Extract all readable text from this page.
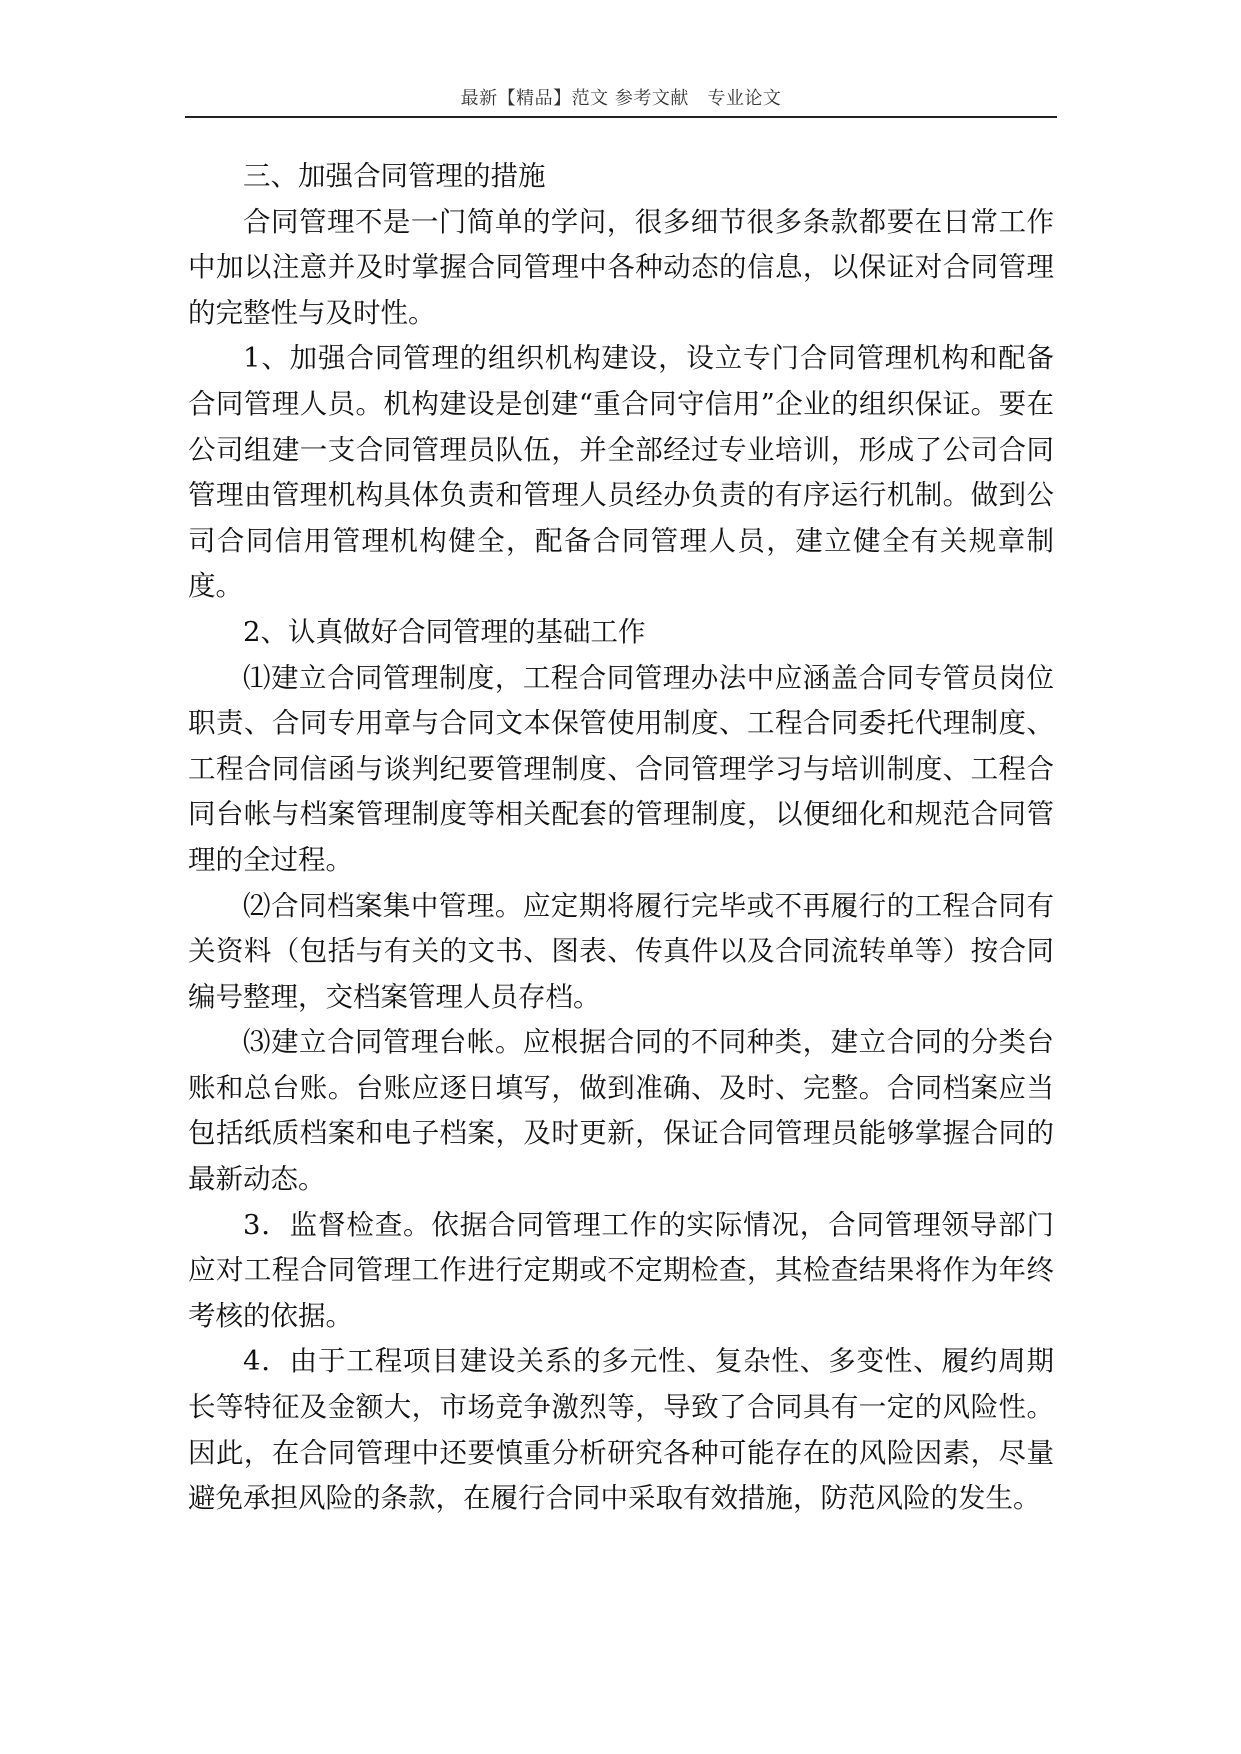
最新【精品】范文 参考文献　专业论文

三、加强合同管理的措施

合同管理不是一门简单的学问，很多细节很多条款都要在日常工作中加以注意并及时掌握合同管理中各种动态的信息，以保证对合同管理的完整性与及时性。

1、加强合同管理的组织机构建设，设立专门合同管理机构和配备合同管理人员。机构建设是创建“重合同守信用”企业的组织保证。要在公司组建一支合同管理员队伍，并全部经过专业培训，形成了公司合同管理由管理机构具体负责和管理人员经办负责的有序运行机制。做到公司合同信用管理机构健全，配备合同管理人员，建立健全有关规章制度。

2、认真做好合同管理的基础工作

⑴建立合同管理制度，工程合同管理办法中应涵盖合同专管员岗位职责、合同专用章与合同文本保管使用制度、工程合同委托代理制度、工程合同信函与谈判纪要管理制度、合同管理学习与培训制度、工程合同台帐与档案管理制度等相关配套的管理制度，以便细化和规范合同管理的全过程。

⑵合同档案集中管理。应定期将履行完毕或不再履行的工程合同有关资料（包括与有关的文书、图表、传真件以及合同流转单等）按合同编号整理，交档案管理人员存档。

⑶建立合同管理台帐。应根据合同的不同种类，建立合同的分类台账和总台账。台账应逐日填写，做到准确、及时、完整。合同档案应当包括纸质档案和电子档案，及时更新，保证合同管理员能够掌握合同的最新动态。

3．监督检查。依据合同管理工作的实际情况，合同管理领导部门应对工程合同管理工作进行定期或不定期检查，其检查结果将作为年终考核的依据。

4．由于工程项目建设关系的多元性、复杂性、多变性、履约周期长等特征及金额大，市场竞争激烈等，导致了合同具有一定的风险性。因此，在合同管理中还要慎重分析研究各种可能存在的风险因素，尽量避免承担风险的条款，在履行合同中采取有效措施，防范风险的发生。
